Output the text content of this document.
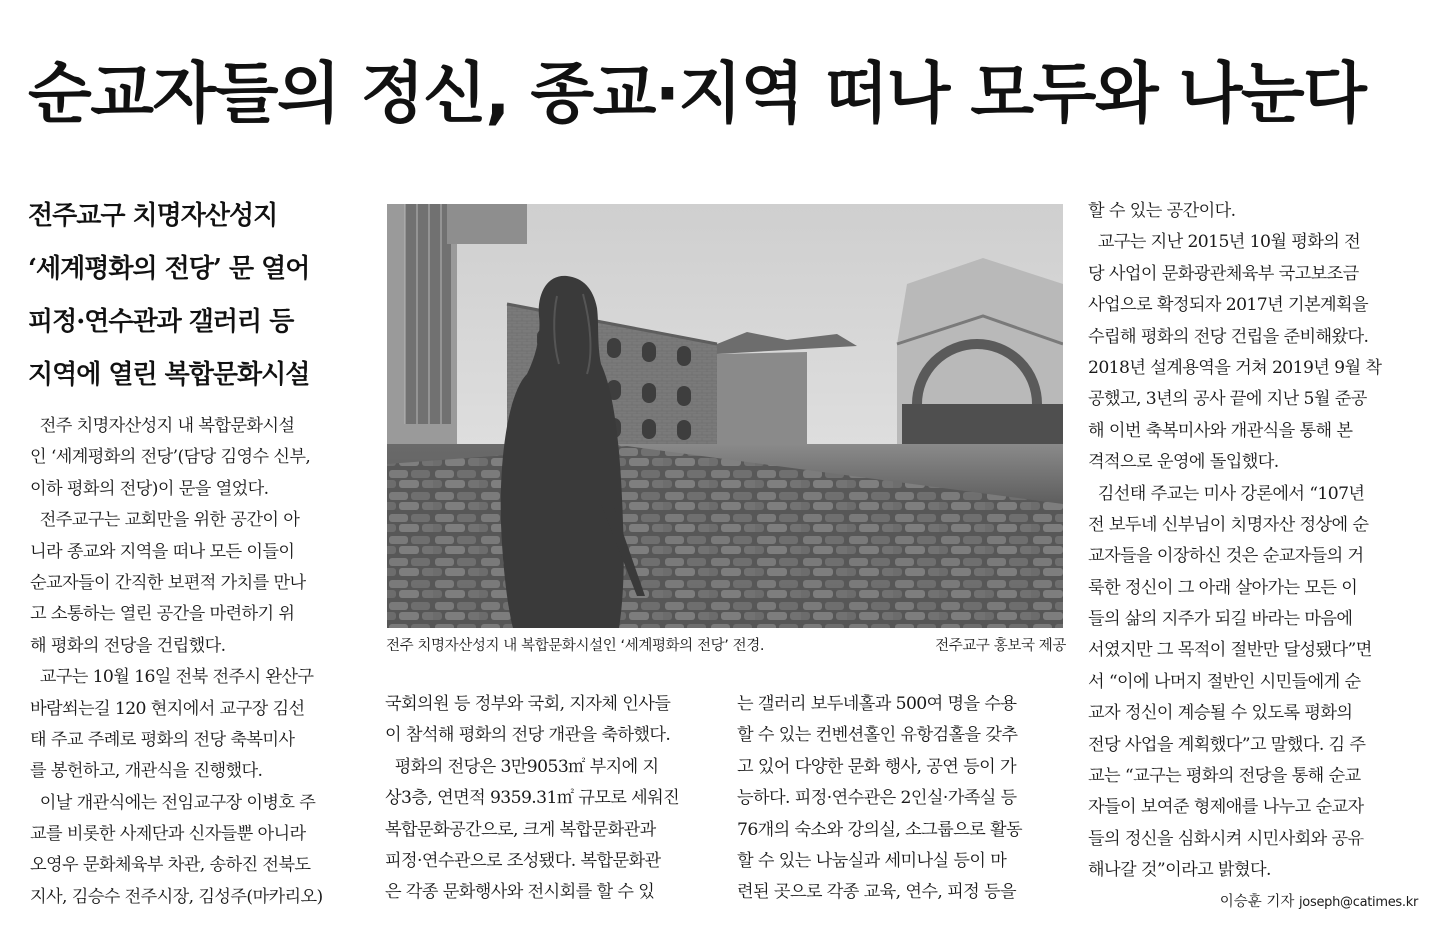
순교자들의 정신, 종교·지역 떠나 모두와 나눈다
전주교구 치명자산성지
‘세계평화의 전당’ 문 열어
피정·연수관과 갤러리 등
지역에 열린 복합문화시설
전주 치명자산성지 내 복합문화시설
인 ‘세계평화의 전당’(담당 김영수 신부,
이하 평화의 전당)이 문을 열었다.
전주교구는 교회만을 위한 공간이 아
니라 종교와 지역을 떠나 모든 이들이
순교자들이 간직한 보편적 가치를 만나
고 소통하는 열린 공간을 마련하기 위
해 평화의 전당을 건립했다.
교구는 10월 16일 전북 전주시 완산구
바람쐬는길 120 현지에서 교구장 김선
태 주교 주례로 평화의 전당 축복미사
를 봉헌하고, 개관식을 진행했다.
이날 개관식에는 전임교구장 이병호 주
교를 비롯한 사제단과 신자들뿐 아니라
오영우 문화체육부 차관, 송하진 전북도
지사, 김승수 전주시장, 김성주(마카리오)
전주 치명자산성지 내 복합문화시설인 ‘세계평화의 전당’ 전경.	전주교구 홍보국 제공
국회의원 등 정부와 국회, 지자체 인사들
이 참석해 평화의 전당 개관을 축하했다.
평화의 전당은 3만9053㎡ 부지에 지
상3층, 연면적 9359.31㎡ 규모로 세워진
복합문화공간으로, 크게 복합문화관과
피정·연수관으로 조성됐다. 복합문화관
은 각종 문화행사와 전시회를 할 수 있
는 갤러리 보두네홀과 500여 명을 수용
할 수 있는 컨벤션홀인 유항검홀을 갖추
고 있어 다양한 문화 행사, 공연 등이 가
능하다. 피정·연수관은 2인실·가족실 등
76개의 숙소와 강의실, 소그룹으로 활동
할 수 있는 나눔실과 세미나실 등이 마
련된 곳으로 각종 교육, 연수, 피정 등을
할 수 있는 공간이다.
교구는 지난 2015년 10월 평화의 전
당 사업이 문화광관체육부 국고보조금
사업으로 확정되자 2017년 기본계획을
수립해 평화의 전당 건립을 준비해왔다.
2018년 설계용역을 거쳐 2019년 9월 착
공했고, 3년의 공사 끝에 지난 5월 준공
해 이번 축복미사와 개관식을 통해 본
격적으로 운영에 돌입했다.
김선태 주교는 미사 강론에서 “107년
전 보두네 신부님이 치명자산 정상에 순
교자들을 이장하신 것은 순교자들의 거
룩한 정신이 그 아래 살아가는 모든 이
들의 삶의 지주가 되길 바라는 마음에
서였지만 그 목적이 절반만 달성됐다”면
서 “이에 나머지 절반인 시민들에게 순
교자 정신이 계승될 수 있도록 평화의
전당 사업을 계획했다”고 말했다. 김 주
교는 “교구는 평화의 전당을 통해 순교
자들이 보여준 형제애를 나누고 순교자
들의 정신을 심화시켜 시민사회와 공유
해나갈 것”이라고 밝혔다.
이승훈 기자 joseph@catimes.kr
